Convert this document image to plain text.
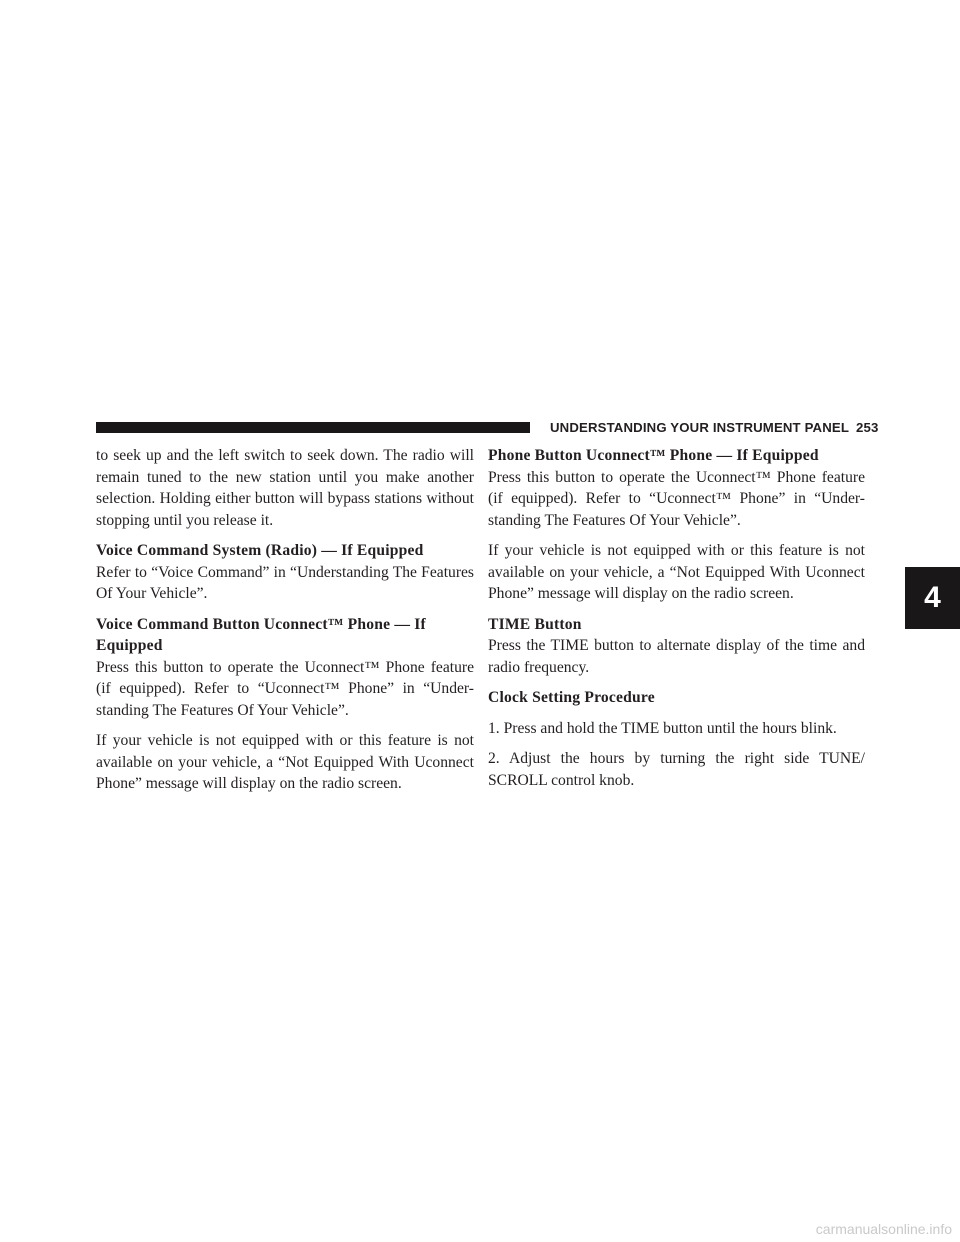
UNDERSTANDING YOUR INSTRUMENT PANEL 253

to seek up and the left switch to seek down. The radio will remain tuned to the new station until you make another selection. Holding either button will bypass stations without stopping until you release it.

Voice Command System (Radio) — If Equipped

Refer to “Voice Command” in “Understanding The Features Of Your Vehicle”.

Voice Command Button Uconnect™ Phone — If Equipped

Press this button to operate the Uconnect™ Phone feature (if equipped). Refer to “Uconnect™ Phone” in “Under-standing The Features Of Your Vehicle”.

If your vehicle is not equipped with or this feature is not available on your vehicle, a “Not Equipped With Uconnect Phone” message will display on the radio screen.

Phone Button Uconnect™ Phone — If Equipped

Press this button to operate the Uconnect™ Phone feature (if equipped). Refer to “Uconnect™ Phone” in “Under-standing The Features Of Your Vehicle”.

If your vehicle is not equipped with or this feature is not available on your vehicle, a “Not Equipped With Uconnect Phone” message will display on the radio screen.

TIME Button

Press the TIME button to alternate display of the time and radio frequency.

Clock Setting Procedure

1. Press and hold the TIME button until the hours blink.

2. Adjust the hours by turning the right side TUNE/ SCROLL control knob.

4
carmanualsonline.info
